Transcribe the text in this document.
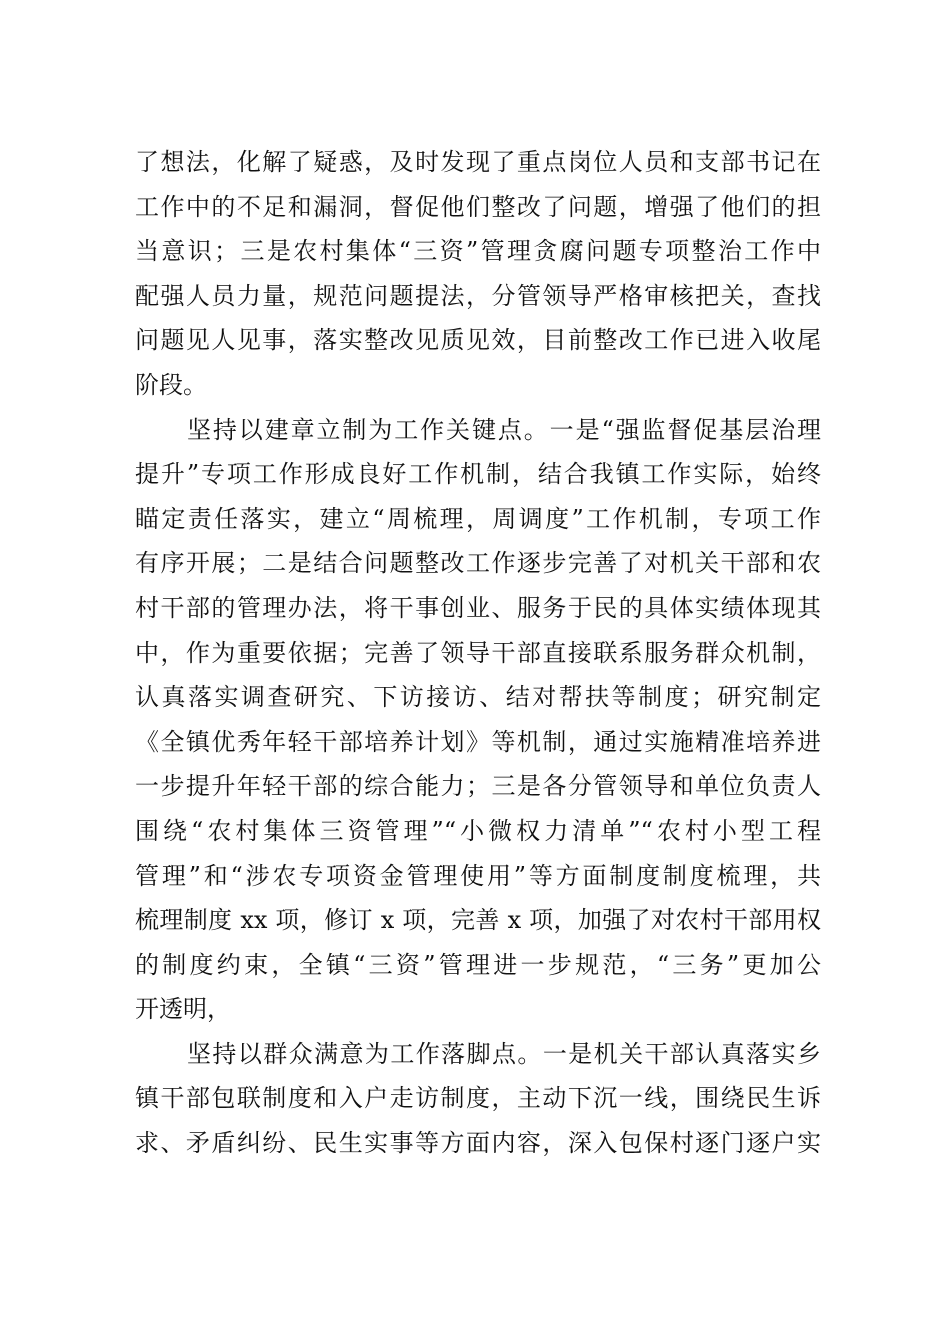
了想法，化解了疑惑，及时发现了重点岗位人员和支部书记在
工作中的不足和漏洞，督促他们整改了问题，增强了他们的担
当意识；三是农村集体“三资”管理贪腐问题专项整治工作中
配强人员力量，规范问题提法，分管领导严格审核把关，查找
问题见人见事，落实整改见质见效，目前整改工作已进入收尾
阶段。
坚持以建章立制为工作关键点。一是“强监督促基层治理
提升”专项工作形成良好工作机制，结合我镇工作实际，始终
瞄定责任落实，建立“周梳理，周调度”工作机制，专项工作
有序开展；二是结合问题整改工作逐步完善了对机关干部和农
村干部的管理办法，将干事创业、服务于民的具体实绩体现其
中，作为重要依据；完善了领导干部直接联系服务群众机制，
认真落实调查研究、下访接访、结对帮扶等制度；研究制定
《全镇优秀年轻干部培养计划》等机制，通过实施精准培养进
一步提升年轻干部的综合能力；三是各分管领导和单位负责人
围绕“农村集体三资管理”“小微权力清单”“农村小型工程
管理”和“涉农专项资金管理使用”等方面制度制度梳理，共
梳理制度 xx 项，修订 x 项，完善 x 项，加强了对农村干部用权
的制度约束，全镇“三资”管理进一步规范，“三务”更加公
开透明，
坚持以群众满意为工作落脚点。一是机关干部认真落实乡
镇干部包联制度和入户走访制度，主动下沉一线，围绕民生诉
求、矛盾纠纷、民生实事等方面内容，深入包保村逐门逐户实
